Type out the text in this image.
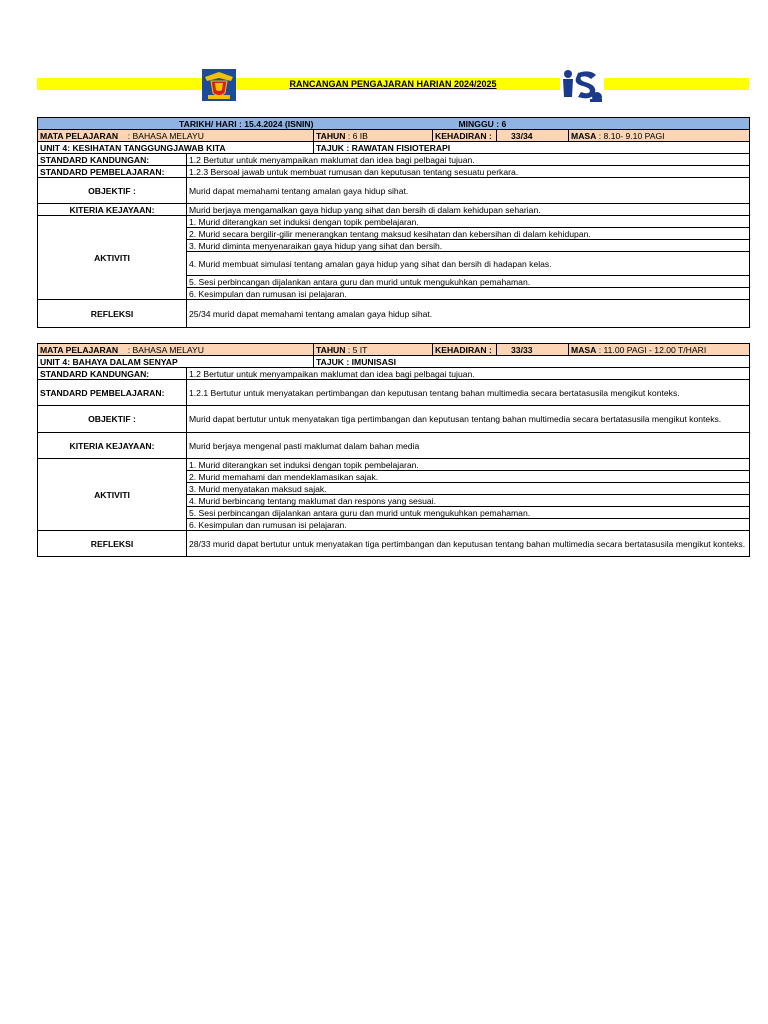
RANCANGAN PENGAJARAN HARIAN 2024/2025
TARIKH/ HARI : 15.4.2024 (ISNIN)				MINGGU : 6		
MATA PELAJARAN : BAHASA MELAYU		TAHUN : 6 IB	KEHADIRAN :		33/34	MASA : 8.10- 9.10 PAGI
UNIT 4: KESIHATAN TANGGUNGJAWAB KITA		TAJUK : RAWATAN FISIOTERAPI				
STANDARD KANDUNGAN:	1.2 Bertutur untuk menyampaikan maklumat dan idea bagi pelbagai tujuan.					
STANDARD PEMBELAJARAN:	1.2.3 Bersoal jawab untuk membuat rumusan dan keputusan tentang sesuatu perkara.					
OBJEKTIF :	Murid dapat memahami tentang amalan gaya hidup sihat.					
KITERIA KEJAYAAN:	Murid berjaya mengamalkan gaya hidup yang sihat dan bersih di dalam kehidupan seharian.					
AKTIVITI	1. Murid diterangkan set induksi dengan topik pembelajaran.					
	2. Murid secara bergilir-gilir menerangkan tentang maksud kesihatan dan kebersihan di dalam kehidupan.					
	3. Murid diminta menyenaraikan gaya hidup yang sihat dan bersih.					
	4. Murid membuat simulasi tentang amalan gaya hidup yang sihat dan bersih di hadapan kelas.					
	5. Sesi perbincangan dijalankan antara guru dan murid untuk mengukuhkan pemahaman.					
	6. Kesimpulan dan rumusan isi pelajaran.					
REFLEKSI	25/34 murid dapat memahami tentang amalan gaya hidup sihat.					
MATA PELAJARAN : BAHASA MELAYU		TAHUN : 5 IT	KEHADIRAN :	33/33	MASA : 11.00 PAGI - 12.00 T/HARI
UNIT 4: BAHAYA DALAM SENYAP		TAJUK : IMUNISASI			
STANDARD KANDUNGAN:	1.2 Bertutur untuk menyampaikan maklumat dan idea bagi pelbagai tujuan.				
STANDARD PEMBELAJARAN:	1.2.1 Bertutur untuk menyatakan pertimbangan dan keputusan tentang bahan multimedia secara bertatasusila mengikut konteks.				
OBJEKTIF :	Murid dapat bertutur untuk menyatakan tiga pertimbangan dan keputusan tentang bahan multimedia secara bertatasusila mengikut konteks.				
KITERIA KEJAYAAN:	Murid berjaya mengenal pasti maklumat dalam bahan media				
AKTIVITI	1. Murid diterangkan set induksi dengan topik pembelajaran.				
	2. Murid memahami dan mendeklamasikan sajak.				
	3. Murid menyatakan maksud sajak.				
	4. Murid berbincang tentang maklumat dan respons yang sesuai.				
	5. Sesi perbincangan dijalankan antara guru dan murid untuk mengukuhkan pemahaman.				
	6. Kesimpulan dan rumusan isi pelajaran.				
REFLEKSI	28/33 murid dapat bertutur untuk menyatakan tiga pertimbangan dan keputusan tentang bahan multimedia secara bertatasusila mengikut konteks.				
